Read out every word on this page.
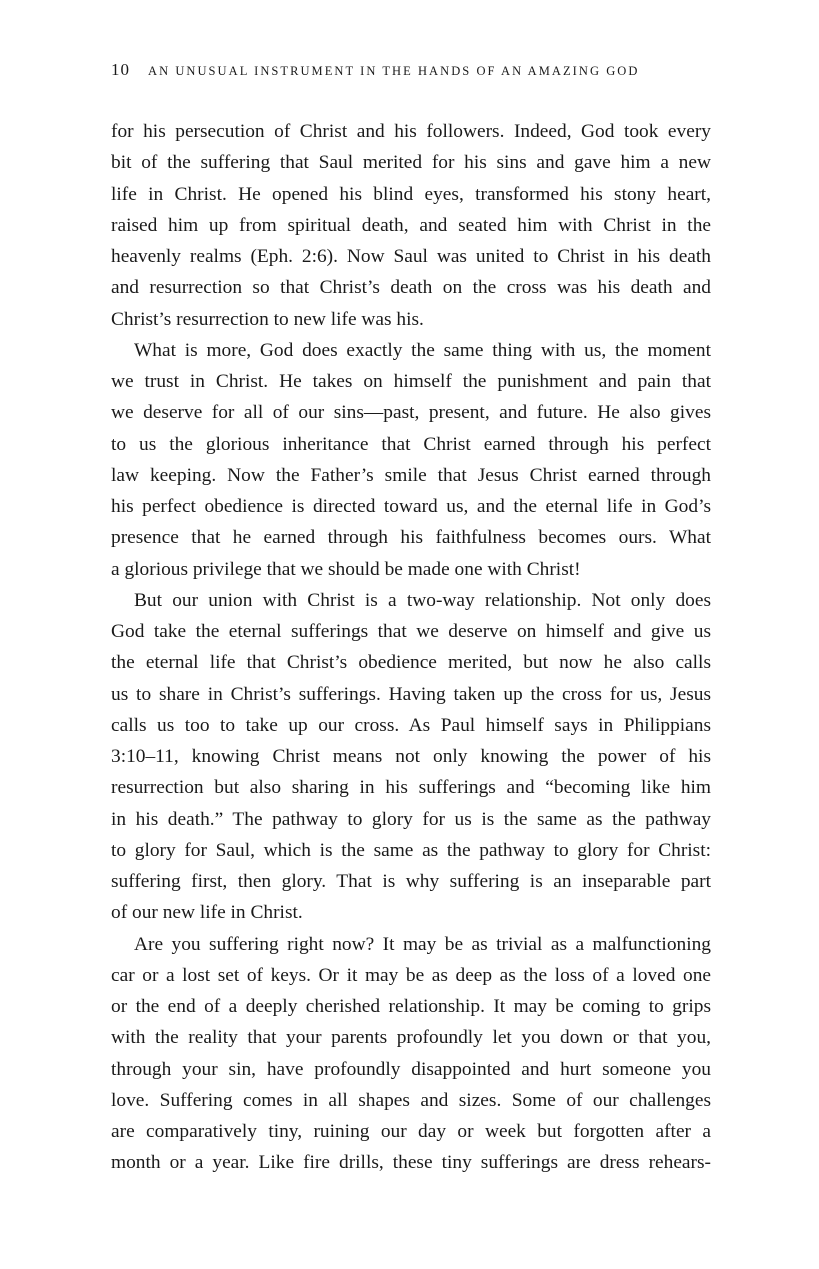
10 AN UNUSUAL INSTRUMENT IN THE HANDS OF AN AMAZING GOD
for his persecution of Christ and his followers. Indeed, God took every
bit of the suffering that Saul merited for his sins and gave him a new
life in Christ. He opened his blind eyes, transformed his stony heart,
raised him up from spiritual death, and seated him with Christ in the
heavenly realms (Eph. 2:6). Now Saul was united to Christ in his death
and resurrection so that Christ’s death on the cross was his death and
Christ’s resurrection to new life was his.
What is more, God does exactly the same thing with us, the moment
we trust in Christ. He takes on himself the punishment and pain that
we deserve for all of our sins—past, present, and future. He also gives
to us the glorious inheritance that Christ earned through his perfect
law keeping. Now the Father’s smile that Jesus Christ earned through
his perfect obedience is directed toward us, and the eternal life in God’s
presence that he earned through his faithfulness becomes ours. What
a glorious privilege that we should be made one with Christ!
But our union with Christ is a two-way relationship. Not only does
God take the eternal sufferings that we deserve on himself and give us
the eternal life that Christ’s obedience merited, but now he also calls
us to share in Christ’s sufferings. Having taken up the cross for us, Jesus
calls us too to take up our cross. As Paul himself says in Philippians
3:10–11, knowing Christ means not only knowing the power of his
resurrection but also sharing in his sufferings and “becoming like him
in his death.” The pathway to glory for us is the same as the pathway
to glory for Saul, which is the same as the pathway to glory for Christ:
suffering first, then glory. That is why suffering is an inseparable part
of our new life in Christ.
Are you suffering right now? It may be as trivial as a malfunctioning
car or a lost set of keys. Or it may be as deep as the loss of a loved one
or the end of a deeply cherished relationship. It may be coming to grips
with the reality that your parents profoundly let you down or that you,
through your sin, have profoundly disappointed and hurt someone you
love. Suffering comes in all shapes and sizes. Some of our challenges
are comparatively tiny, ruining our day or week but forgotten after a
month or a year. Like fire drills, these tiny sufferings are dress rehears-
